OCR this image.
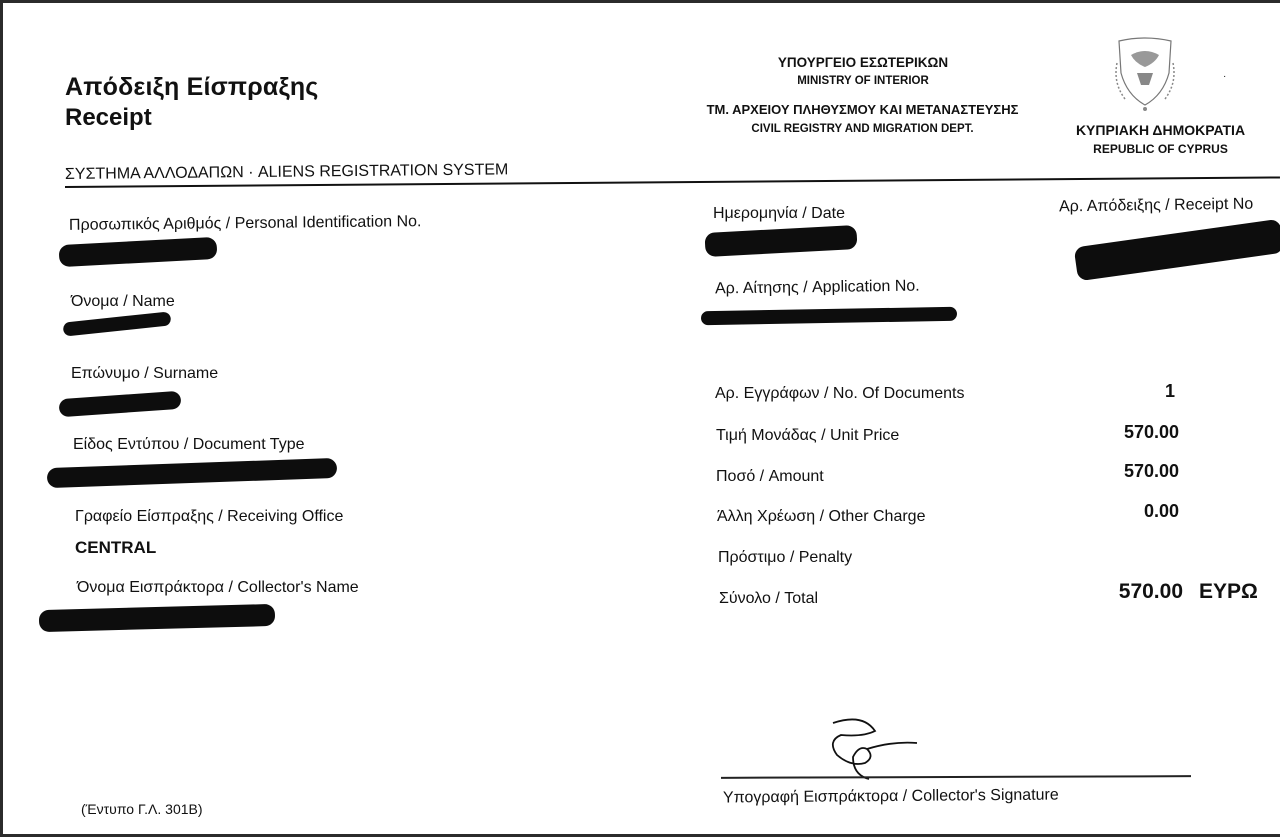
Απόδειξη Είσπραξης
Receipt
ΥΠΟΥΡΓΕΙΟ ΕΣΩΤΕΡΙΚΩΝ
MINISTRY OF INTERIOR
ΤΜ. ΑΡΧΕΙΟΥ ΠΛΗΘΥΣΜΟΥ ΚΑΙ ΜΕΤΑΝΑΣΤΕΥΣΗΣ
CIVIL REGISTRY AND MIGRATION DEPT.
·
ΚΥΠΡΙΑΚΗ ΔΗΜΟΚΡΑΤΙΑ
REPUBLIC OF CYPRUS
ΣΥΣΤΗΜΑ ΑΛΛΟΔΑΠΩΝ · ALIENS REGISTRATION SYSTEM
Προσωπικός Αριθμός / Personal Identification No.
Όνομα / Name
Επώνυμο / Surname
Είδος Εντύπου / Document Type
Γραφείο Είσπραξης / Receiving Office
CENTRAL
Όνομα Εισπράκτορα / Collector's Name
Ημερομηνία / Date	Αρ. Απόδειξης / Receipt No
Αρ. Αίτησης / Application No.
Αρ. Εγγράφων / No. Of Documents	1
Τιμή Μονάδας / Unit Price	570.00
Ποσό / Amount	570.00
Άλλη Χρέωση / Other Charge	0.00
Πρόστιμο / Penalty
Σύνολο / Total	570.00 ΕΥΡΩ
Υπογραφή Εισπράκτορα / Collector's Signature
(Έντυπο Γ.Λ. 301Β)
